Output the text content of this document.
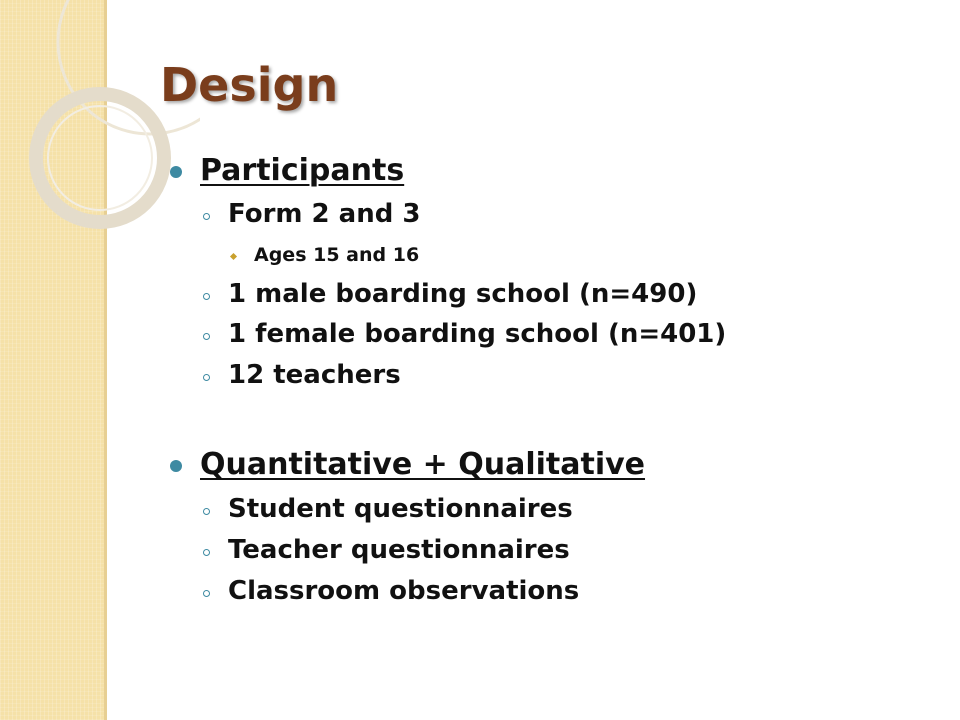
Design
Participants
Form 2 and 3
Ages 15 and 16
1 male boarding school (n=490)
1 female boarding school (n=401)
12 teachers
Quantitative + Qualitative
Student questionnaires
Teacher questionnaires
Classroom observations
